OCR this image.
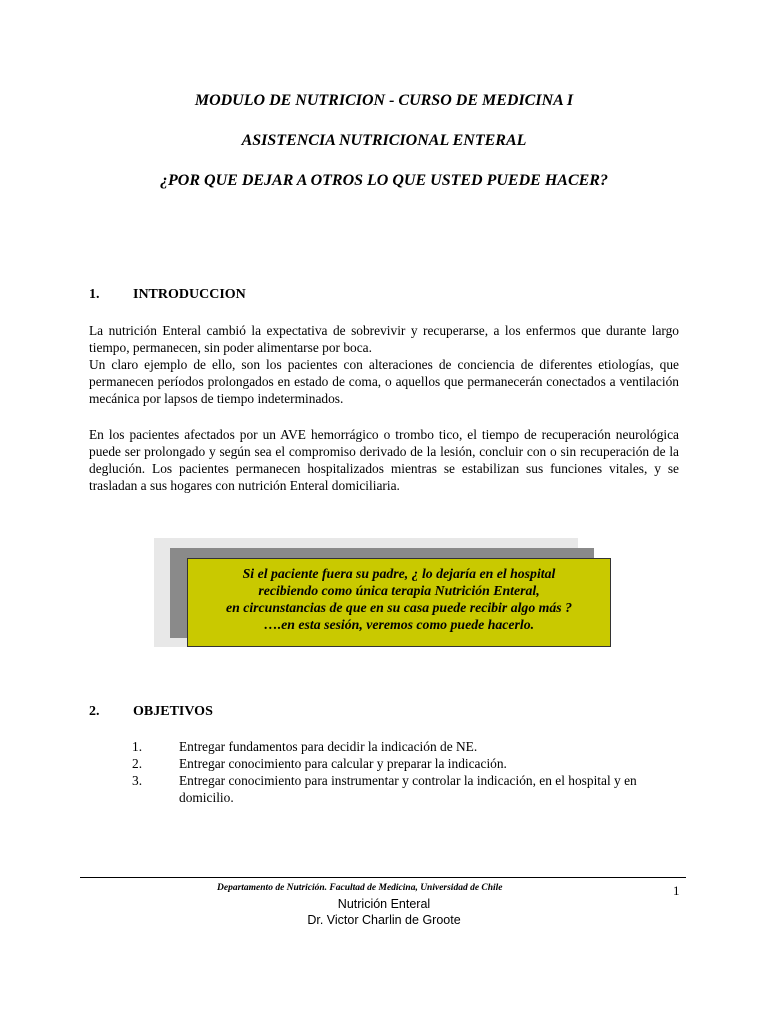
MODULO DE NUTRICION - CURSO DE MEDICINA I
ASISTENCIA NUTRICIONAL ENTERAL
¿POR QUE DEJAR A OTROS LO QUE USTED PUEDE HACER?
1. INTRODUCCION

La nutrición Enteral cambió la expectativa de sobrevivir y recuperarse, a los enfermos que durante largo tiempo, permanecen, sin poder alimentarse por boca.

Un claro ejemplo de ello, son los pacientes con alteraciones de conciencia de diferentes etiologías, que permanecen períodos prolongados en estado de coma, o aquellos que permanecerán conectados a ventilación mecánica por lapsos de tiempo indeterminados.

En los pacientes afectados por un AVE hemorrágico o trombo tico, el tiempo de recuperación neurológica puede ser prolongado y según sea el compromiso derivado de la lesión, concluir con o sin recuperación de la deglución. Los pacientes permanecen hospitalizados mientras se estabilizan sus funciones vitales, y se trasladan a sus hogares con nutrición Enteral domiciliaria.

Si el paciente fuera su padre, ¿ lo dejaría en el hospital
recibiendo como única terapia Nutrición Enteral,
en circunstancias de que en su casa puede recibir algo más ?
….en esta sesión, veremos como puede hacerlo.
2. OBJETIVOS
1.	Entregar fundamentos para decidir la indicación de NE.
2.	Entregar conocimiento para calcular y preparar la indicación.
3.	Entregar conocimiento para instrumentar y controlar la indicación, en el hospital y en domicilio.
Departamento de Nutrición. Facultad de Medicina, Universidad de Chile	1
Nutrición Enteral
Dr. Victor Charlin de Groote
